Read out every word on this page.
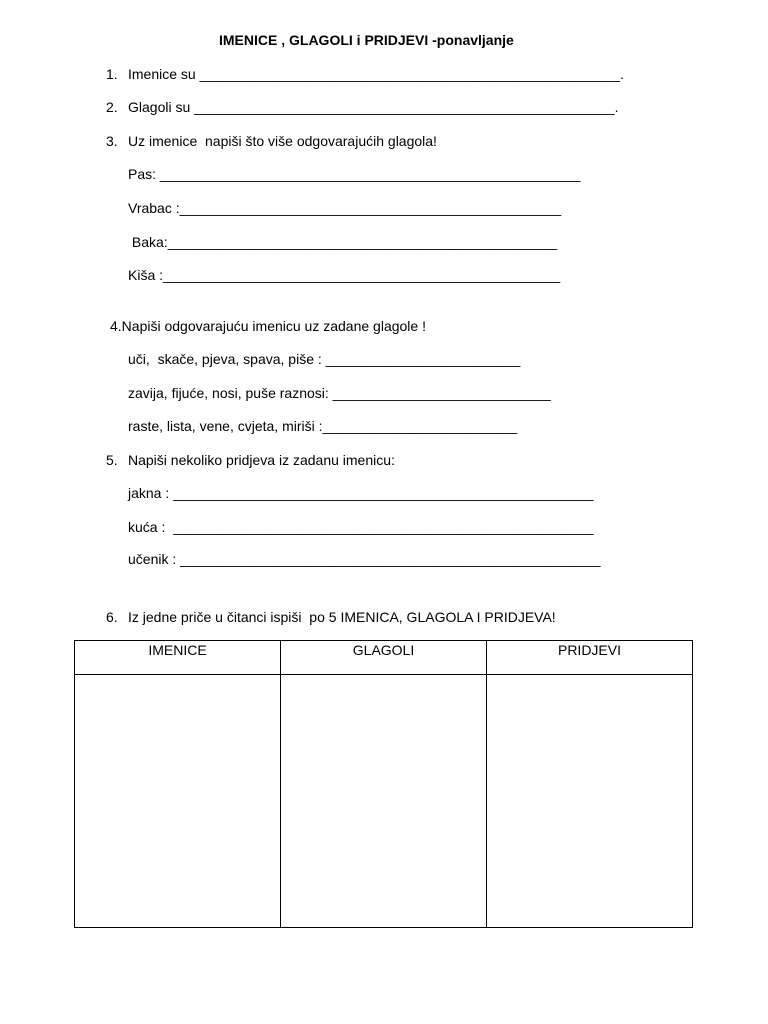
IMENICE , GLAGOLI i PRIDJEVI -ponavljanje
1. Imenice su ______________________________________________________.
2. Glagoli su ______________________________________________________.
3. Uz imenice  napiši što više odgovarajućih glagola!
Pas: ______________________________________________________
Vrabac :_________________________________________________
Baka:__________________________________________________
Kiša :___________________________________________________
4.Napiši odgovarajuću imenicu uz zadane glagole !
uči,  skače, pjeva, spava, piše : _________________________
zavija, fijuće, nosi, puše raznosi: ____________________________
raste, lista, vene, cvjeta, miriši :_________________________
5. Napiši nekoliko pridjeva iz zadanu imenicu:
jakna : ______________________________________________________
kuća :  ______________________________________________________
učenik : ______________________________________________________
6. Iz jedne priče u čitanci ispiši  po 5 IMENICA, GLAGOLA I PRIDJEVA!
IMENICE	GLAGOLI	PRIDJEVI
